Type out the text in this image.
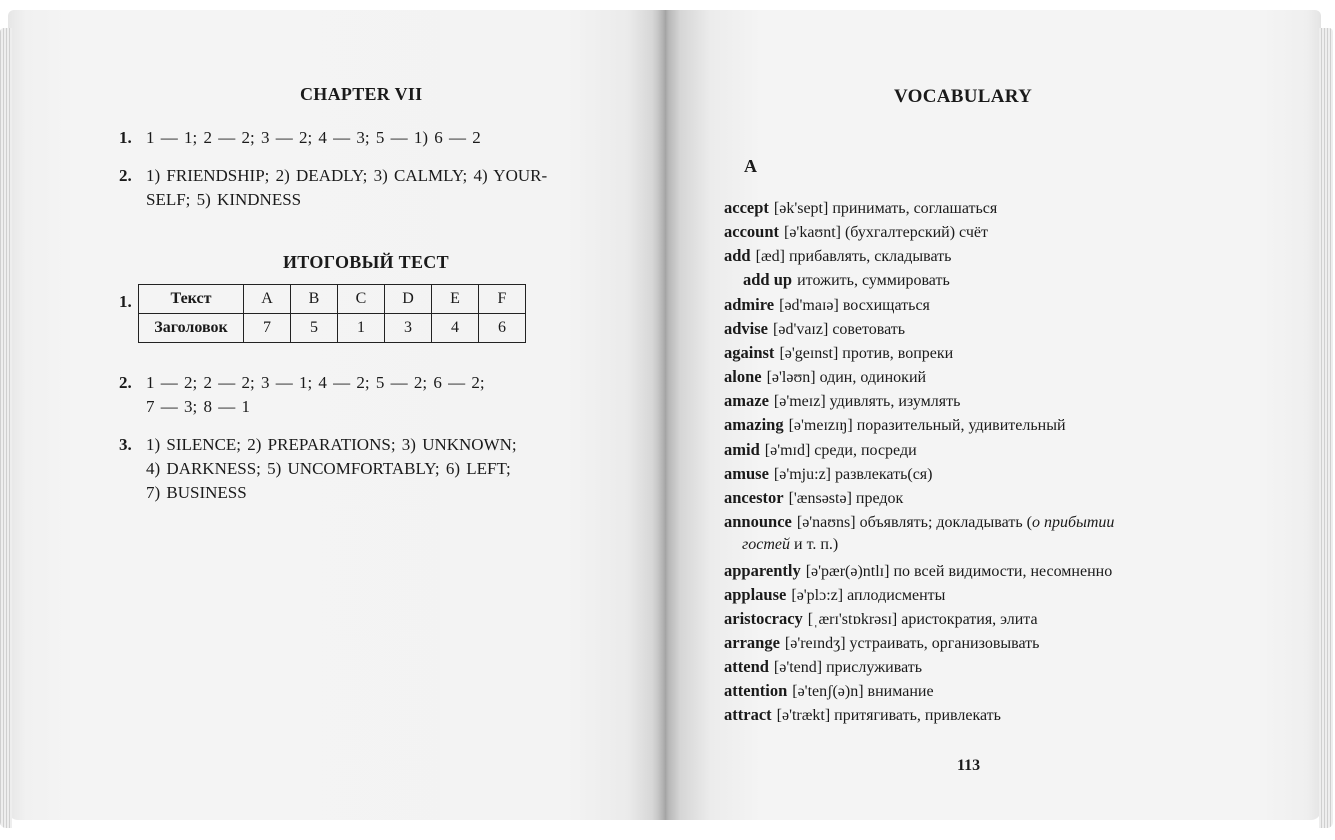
CHAPTER VII
1. 1 — 1; 2 — 2; 3 — 2; 4 — 3; 5 — 1) 6 — 2
2. 1) FRIENDSHIP; 2) DEADLY; 3) CALMLY; 4) YOUR-
SELF; 5) KINDNESS
ИТОГОВЫЙ ТЕСТ
1. Текст	A	B	C	D	E	F
Заголовок	7	5	1	3	4	6
2. 1 — 2; 2 — 2; 3 — 1; 4 — 2; 5 — 2; 6 — 2;
7 — 3; 8 — 1
3. 1) SILENCE; 2) PREPARATIONS; 3) UNKNOWN;
4) DARKNESS; 5) UNCOMFORTABLY; 6) LEFT;
7) BUSINESS
VOCABULARY
A
accept [ək'sept] принимать, соглашаться
account [ə'kaʊnt] (бухгалтерский) счёт
add [æd] прибавлять, складывать
add up итожить, суммировать
admire [əd'maɪə] восхищаться
advise [əd'vaɪz] советовать
against [ə'geɪnst] против, вопреки
alone [ə'ləʊn] один, одинокий
amaze [ə'meɪz] удивлять, изумлять
amazing [ə'meɪzɪŋ] поразительный, удивительный
amid [ə'mɪd] среди, посреди
amuse [ə'mju:z] развлекать(ся)
ancestor ['ænsəstə] предок
announce [ə'naʊns] объявлять; докладывать (о прибытии
гостей и т. п.)
apparently [ə'pær(ə)ntlɪ] по всей видимости, несомненно
applause [ə'plɔ:z] аплодисменты
aristocracy [ˌærɪ'stɒkrəsɪ] аристократия, элита
arrange [ə'reɪndʒ] устраивать, организовывать
attend [ə'tend] прислуживать
attention [ə'tenʃ(ə)n] внимание
attract [ə'trækt] притягивать, привлекать
113
